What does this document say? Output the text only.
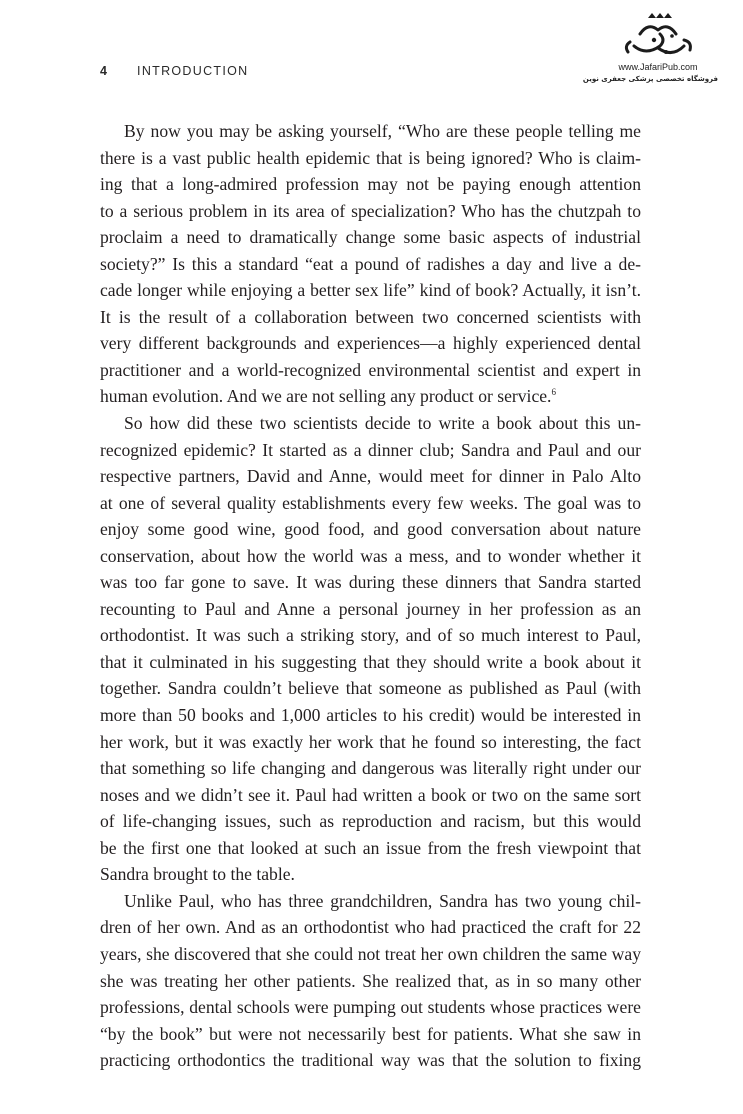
4 INTRODUCTION	www.JafariPub.com
فروشگاه تخصصی پزشکی جعفری نوین
By now you may be asking yourself, “Who are these people telling me
there is a vast public health epidemic that is being ignored? Who is claim-
ing that a long-admired profession may not be paying enough attention
to a serious problem in its area of specialization? Who has the chutzpah to
proclaim a need to dramatically change some basic aspects of industrial
society?” Is this a standard “eat a pound of radishes a day and live a de-
cade longer while enjoying a better sex life” kind of book? Actually, it isn’t.
It is the result of a collaboration between two concerned scientists with
very different backgrounds and experiences—a highly experienced dental
practitioner and a world-recognized environmental scientist and expert in
human evolution. And we are not selling any product or service.$^6$
So how did these two scientists decide to write a book about this un-
recognized epidemic? It started as a dinner club; Sandra and Paul and our
respective partners, David and Anne, would meet for dinner in Palo Alto
at one of several quality establishments every few weeks. The goal was to
enjoy some good wine, good food, and good conversation about nature
conservation, about how the world was a mess, and to wonder whether it
was too far gone to save. It was during these dinners that Sandra started
recounting to Paul and Anne a personal journey in her profession as an
orthodontist. It was such a striking story, and of so much interest to Paul,
that it culminated in his suggesting that they should write a book about it
together. Sandra couldn’t believe that someone as published as Paul (with
more than 50 books and 1,000 articles to his credit) would be interested in
her work, but it was exactly her work that he found so interesting, the fact
that something so life changing and dangerous was literally right under our
noses and we didn’t see it. Paul had written a book or two on the same sort
of life-changing issues, such as reproduction and racism, but this would
be the first one that looked at such an issue from the fresh viewpoint that
Sandra brought to the table.
Unlike Paul, who has three grandchildren, Sandra has two young chil-
dren of her own. And as an orthodontist who had practiced the craft for 22
years, she discovered that she could not treat her own children the same way
she was treating her other patients. She realized that, as in so many other
professions, dental schools were pumping out students whose practices were
“by the book” but were not necessarily best for patients. What she saw in
practicing orthodontics the traditional way was that the solution to fixing
